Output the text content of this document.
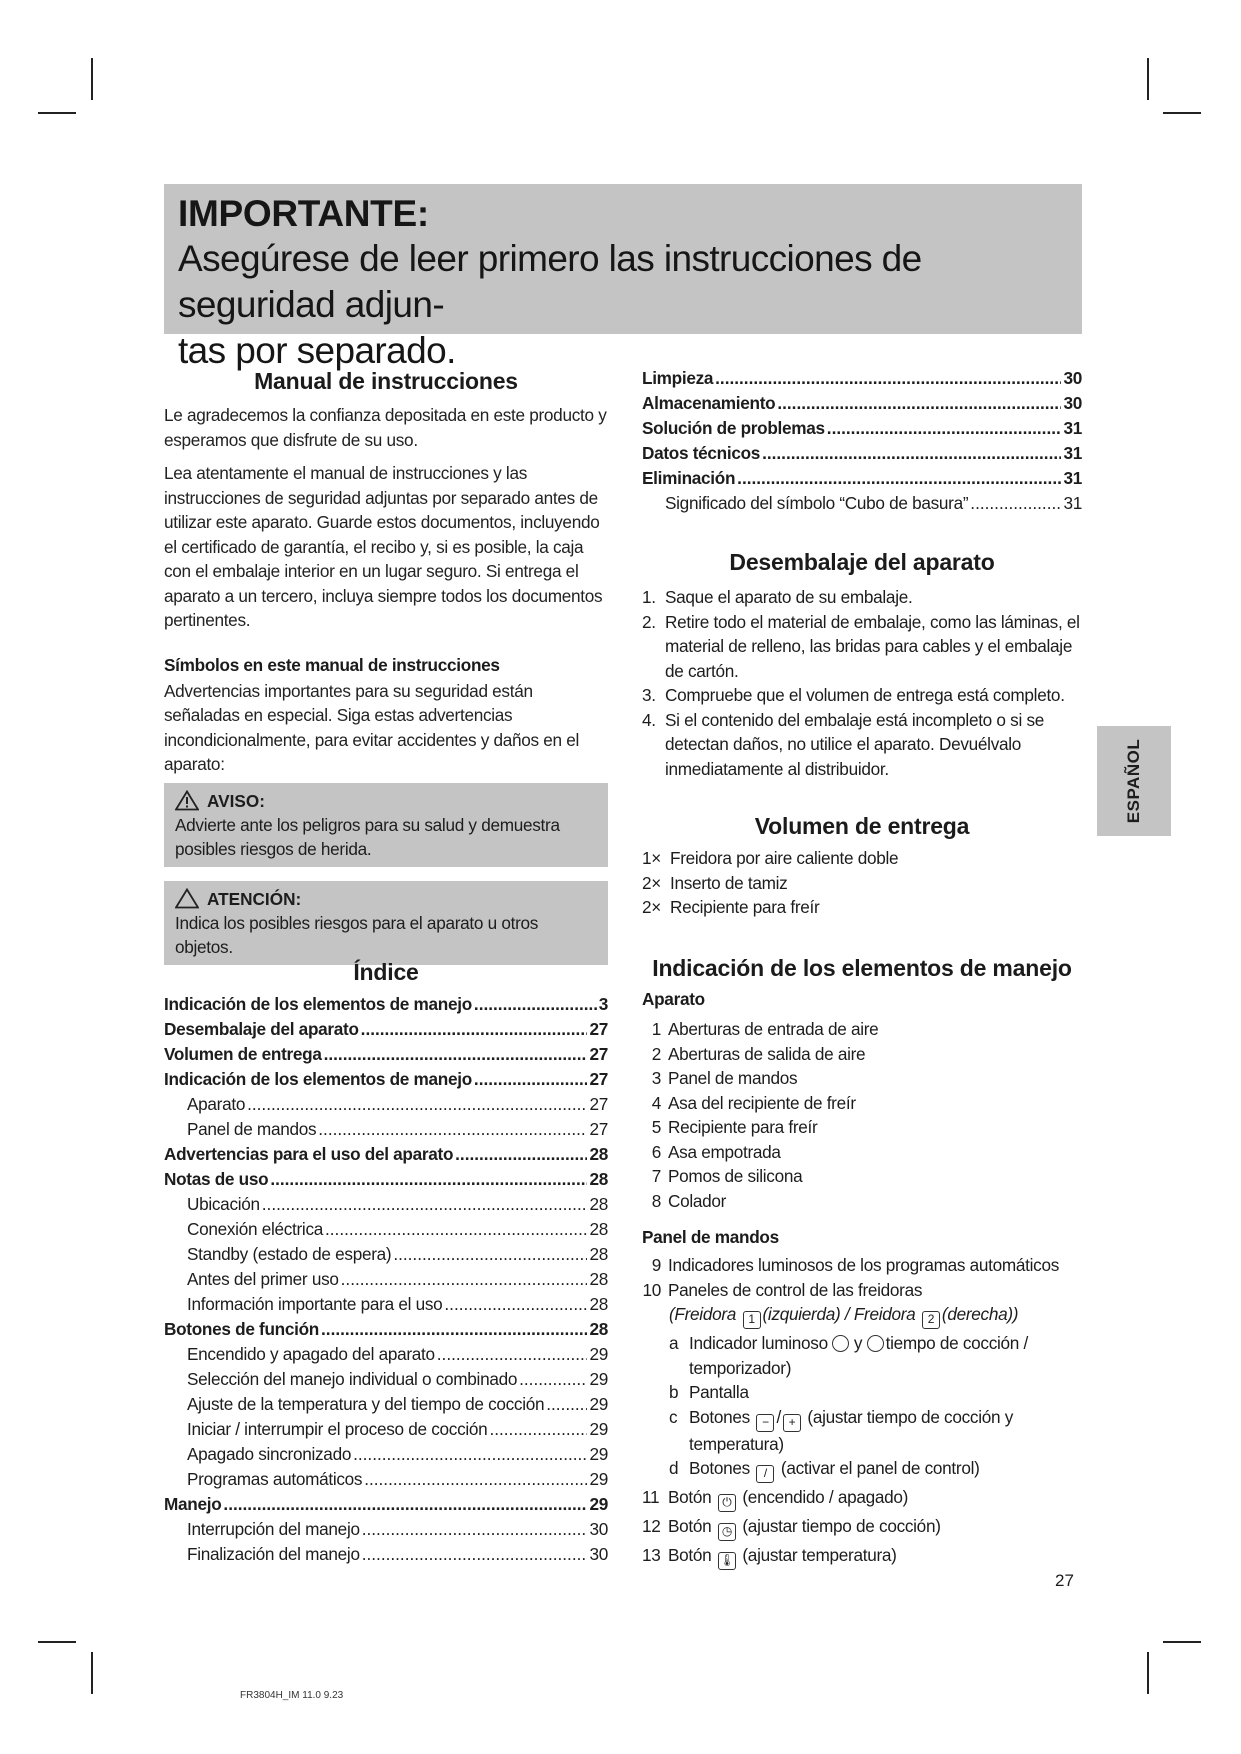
IMPORTANTE:
Asegúrese de leer primero las instrucciones de seguridad adjun-
tas por separado.
Manual de instrucciones

Le agradecemos la confianza depositada en este producto y esperamos que disfrute de su uso.

Lea atentamente el manual de instrucciones y las instrucciones de seguridad adjuntas por separado antes de utilizar este aparato. Guarde estos documentos, incluyendo el certificado de garantía, el recibo y, si es posible, la caja con el embalaje interior en un lugar seguro. Si entrega el aparato a un tercero, incluya siempre todos los documentos pertinentes.

Símbolos en este manual de instrucciones

Advertencias importantes para su seguridad están señaladas en especial. Siga estas advertencias incondicionalmente, para evitar accidentes y daños en el aparato:

AVISO:
Advierte ante los peligros para su salud y demuestra posibles riesgos de herida.
ATENCIÓN:
Indica los posibles riesgos para el aparato u otros objetos.
Índice
Indicación de los elementos de manejo .....	3
Desembalaje del aparato .....	27
Volumen de entrega .....	27
Indicación de los elementos de manejo .....	27
Aparato .....	27
Panel de mandos .....	27
Advertencias para el uso del aparato .....	28
Notas de uso .....	28
Ubicación .....	28
Conexión eléctrica .....	28
Standby (estado de espera) .....	28
Antes del primer uso .....	28
Información importante para el uso .....	28
Botones de función .....	28
Encendido y apagado del aparato .....	29
Selección del manejo individual o combinado .....	29
Ajuste de la temperatura y del tiempo de cocción .....	29
Iniciar / interrumpir el proceso de cocción .....	29
Apagado sincronizado .....	29
Programas automáticos .....	29
Manejo .....	29
Interrupción del manejo .....	30
Finalización del manejo .....	30
Limpieza .....	30
Almacenamiento .....	30
Solución de problemas .....	31
Datos técnicos .....	31
Eliminación .....	31
Significado del símbolo “Cubo de basura” .....	31
Desembalaje del aparato
1. Saque el aparato de su embalaje.
2. Retire todo el material de embalaje, como las láminas, el material de relleno, las bridas para cables y el embalaje de cartón.
3. Compruebe que el volumen de entrega está completo.
4. Si el contenido del embalaje está incompleto o si se detectan daños, no utilice el aparato. Devuélvalo inmediatamente al distribuidor.
Volumen de entrega
1× Freidora por aire caliente doble
2× Inserto de tamiz
2× Recipiente para freír
Indicación de los elementos de manejo
Aparato
1 Aberturas de entrada de aire
2 Aberturas de salida de aire
3 Panel de mandos
4 Asa del recipiente de freír
5 Recipiente para freír
6 Asa empotrada
7 Pomos de silicona
8 Colador
Panel de mandos
9 Indicadores luminosos de los programas automáticos
10 Paneles de control de las freidoras
(Freidora 1 (izquierda) / Freidora 2 (derecha))
a Indicador luminoso  y tiempo de cocción / temporizador)
b Pantalla
c Botones − / + (ajustar tiempo de cocción y temperatura)
d Botones / (activar el panel de control)
11 Botón ⏻ (encendido / apagado)
12 Botón ◷ (ajustar tiempo de cocción)
13 Botón 🌡 (ajustar temperatura)
ESPAÑOL
27
FR3804H_IM 11.0 9.23
